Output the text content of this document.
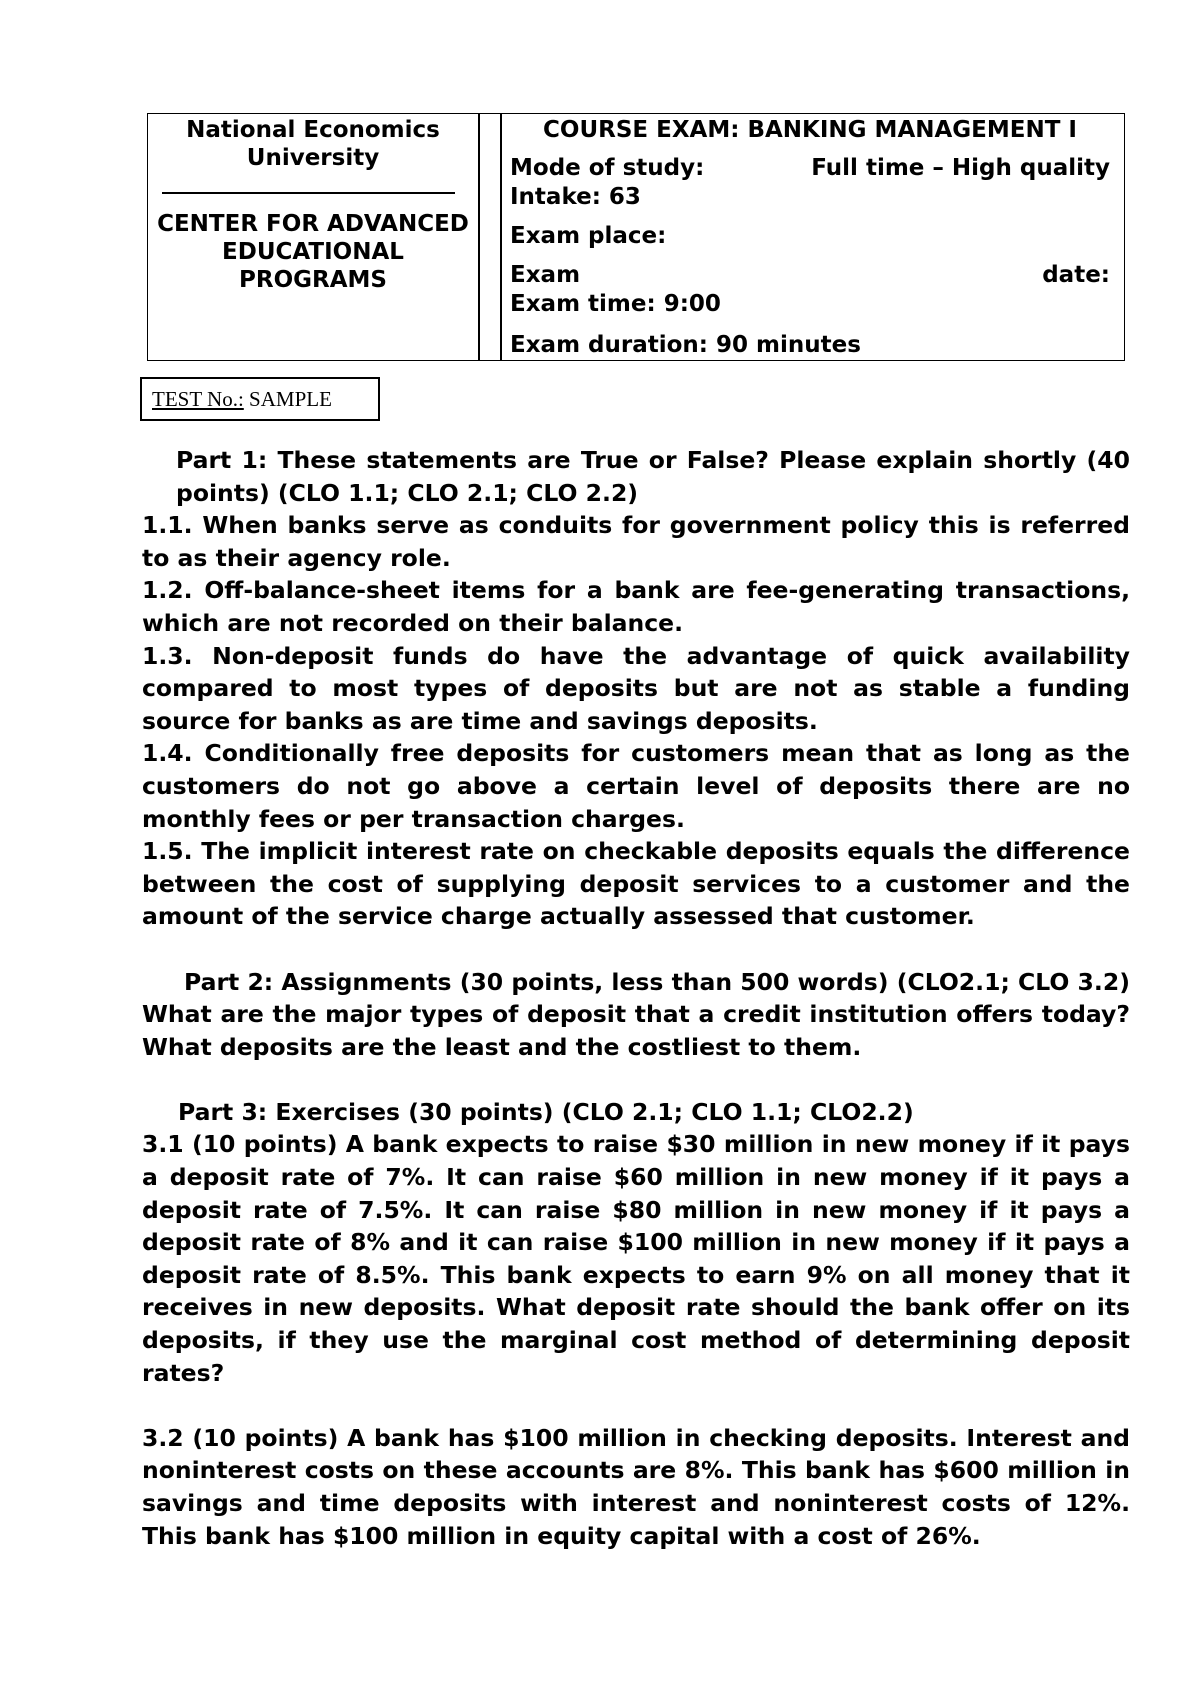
National Economics University
CENTER FOR ADVANCED EDUCATIONAL PROGRAMS
COURSE EXAM: BANKING MANAGEMENT I
Mode of study:	Full time – High quality
Intake: 63
Exam place:
Exam	date:
Exam time: 9:00
Exam duration: 90 minutes
TEST No.: SAMPLE

Part 1: These statements are True or False? Please explain shortly (40 points) (CLO 1.1; CLO 2.1; CLO 2.2)

1.1. When banks serve as conduits for government policy this is referred to as their agency role.

1.2. Off-balance-sheet items for a bank are fee-generating transactions, which are not recorded on their balance.

1.3. Non-deposit funds do have the advantage of quick availability compared to most types of deposits but are not as stable a funding source for banks as are time and savings deposits.

1.4. Conditionally free deposits for customers mean that as long as the customers do not go above a certain level of deposits there are no monthly fees or per transaction charges.

1.5. The implicit interest rate on checkable deposits equals the difference between the cost of supplying deposit services to a customer and the amount of the service charge actually assessed that customer.

Part 2: Assignments (30 points, less than 500 words) (CLO2.1; CLO 3.2)

What are the major types of deposit that a credit institution offers today? What deposits are the least and the costliest to them.

Part 3: Exercises (30 points) (CLO 2.1; CLO 1.1; CLO2.2)

3.1 (10 points) A bank expects to raise $30 million in new money if it pays a deposit rate of 7%. It can raise $60 million in new money if it pays a deposit rate of 7.5%. It can raise $80 million in new money if it pays a deposit rate of 8% and it can raise $100 million in new money if it pays a deposit rate of 8.5%. This bank expects to earn 9% on all money that it receives in new deposits. What deposit rate should the bank offer on its deposits, if they use the marginal cost method of determining deposit rates?

3.2 (10 points) A bank has $100 million in checking deposits. Interest and noninterest costs on these accounts are 8%. This bank has $600 million in savings and time deposits with interest and noninterest costs of 12%. This bank has $100 million in equity capital with a cost of 26%.
